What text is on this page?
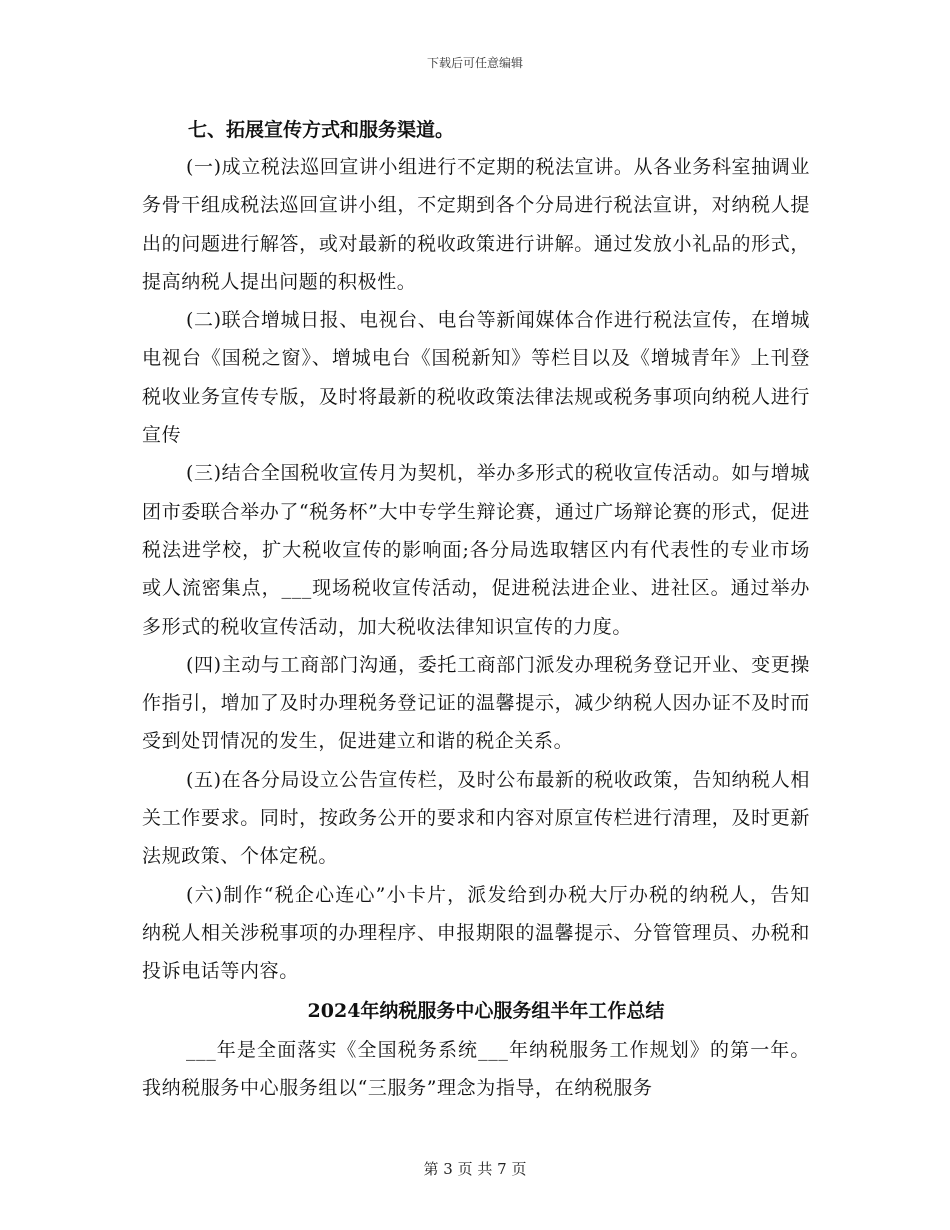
下载后可任意编辑

七、拓展宣传方式和服务渠道。

(一)成立税法巡回宣讲小组进行不定期的税法宣讲。从各业务科室抽调业务骨干组成税法巡回宣讲小组，不定期到各个分局进行税法宣讲，对纳税人提出的问题进行解答，或对最新的税收政策进行讲解。通过发放小礼品的形式，提高纳税人提出问题的积极性。

(二)联合增城日报、电视台、电台等新闻媒体合作进行税法宣传，在增城电视台《国税之窗》、增城电台《国税新知》等栏目以及《增城青年》上刊登税收业务宣传专版，及时将最新的税收政策法律法规或税务事项向纳税人进行宣传

(三)结合全国税收宣传月为契机，举办多形式的税收宣传活动。如与增城团市委联合举办了“税务杯”大中专学生辩论赛，通过广场辩论赛的形式，促进税法进学校，扩大税收宣传的影响面;各分局选取辖区内有代表性的专业市场或人流密集点，___现场税收宣传活动，促进税法进企业、进社区。通过举办多形式的税收宣传活动，加大税收法律知识宣传的力度。

(四)主动与工商部门沟通，委托工商部门派发办理税务登记开业、变更操作指引，增加了及时办理税务登记证的温馨提示，减少纳税人因办证不及时而受到处罚情况的发生，促进建立和谐的税企关系。

(五)在各分局设立公告宣传栏，及时公布最新的税收政策，告知纳税人相关工作要求。同时，按政务公开的要求和内容对原宣传栏进行清理，及时更新法规政策、个体定税。

(六)制作“税企心连心”小卡片，派发给到办税大厅办税的纳税人，告知纳税人相关涉税事项的办理程序、申报期限的温馨提示、分管管理员、办税和投诉电话等内容。

2024年纳税服务中心服务组半年工作总结

___年是全面落实《全国税务系统___年纳税服务工作规划》的第一年。我纳税服务中心服务组以“三服务”理念为指导，在纳税服务

第 3 页 共 7 页
